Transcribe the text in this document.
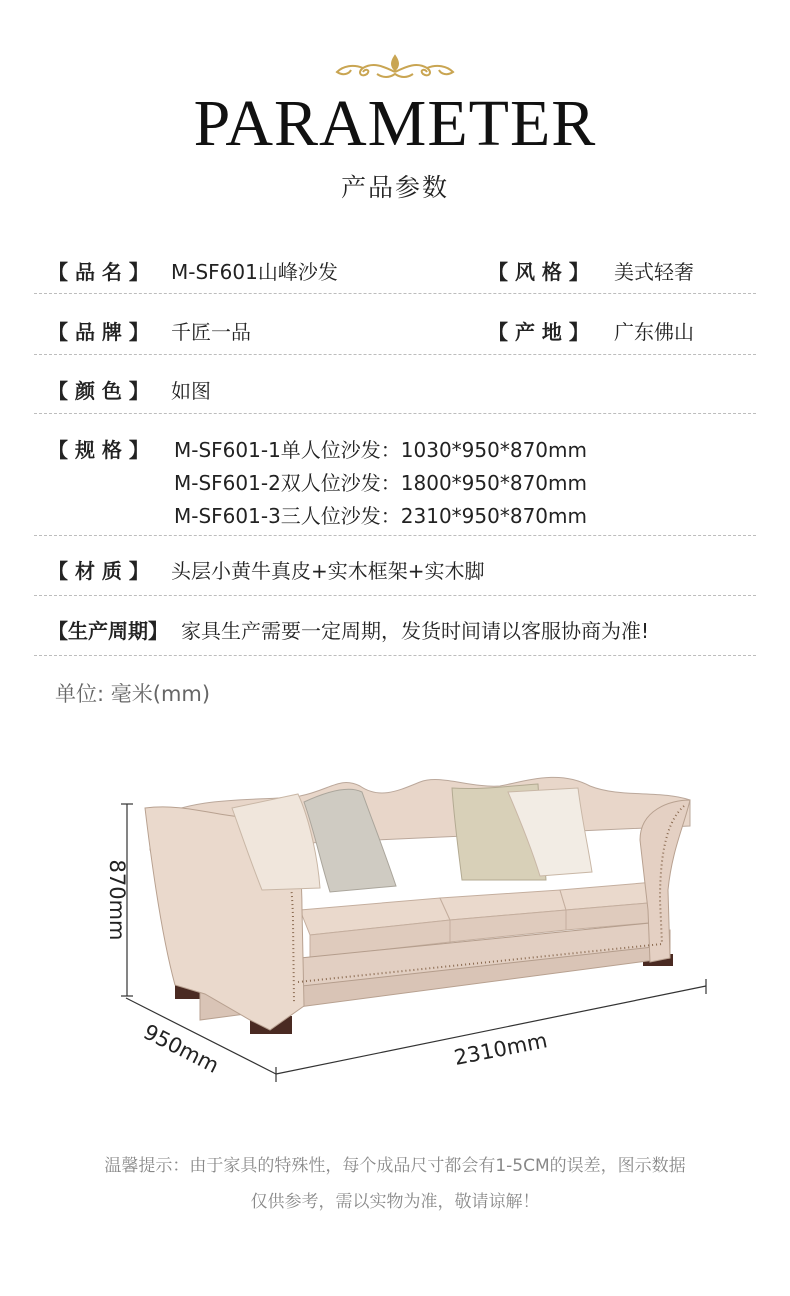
PARAMETER
产品参数
【 品 名 】 M-SF601山峰沙发	【 风 格 】 美式轻奢
【 品 牌 】 千匠一品	【 产 地 】 广东佛山
【 颜 色 】 如图
【 规 格 】 M-SF601-1单人位沙发：1030*950*870mm
M-SF601-2双人位沙发：1800*950*870mm
M-SF601-3三人位沙发：2310*950*870mm
【 材 质 】 头层小黄牛真皮+实木框架+实木脚
【生产周期】 家具生产需要一定周期，发货时间请以客服协商为准!
单位: 毫米(mm)
870mm
950mm	2310mm
温馨提示：由于家具的特殊性，每个成品尺寸都会有1-5CM的误差，图示数据
仅供参考，需以实物为准，敬请谅解！
